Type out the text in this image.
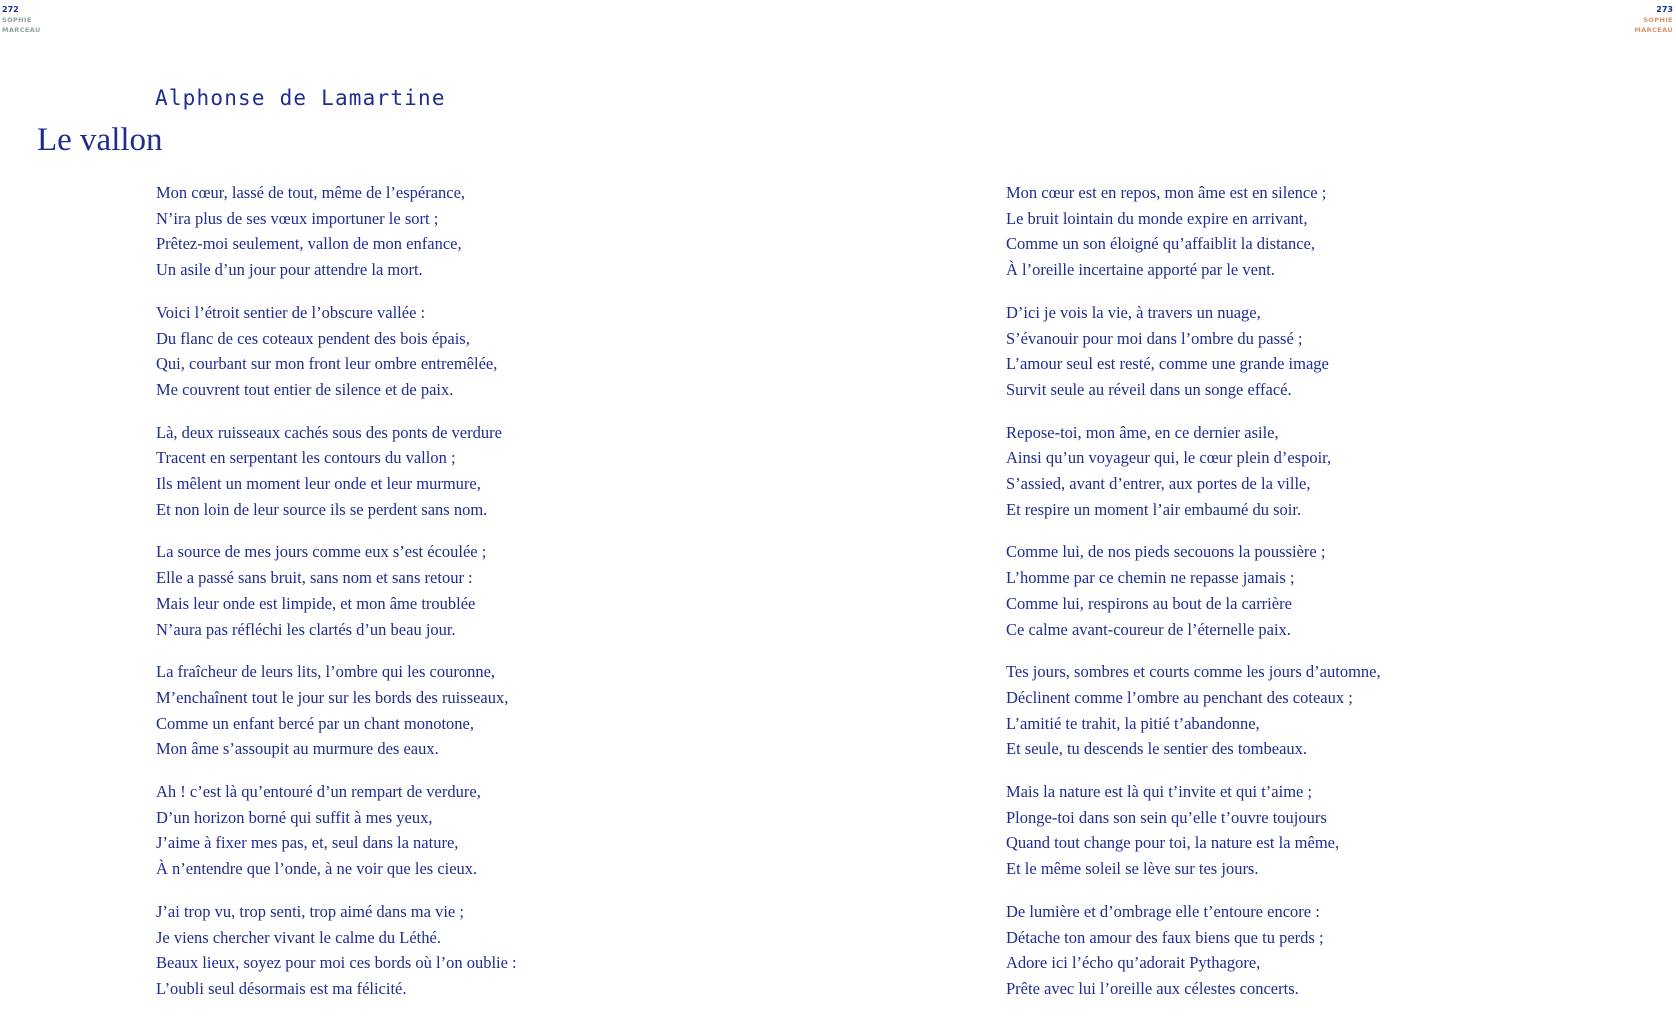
272
SOPHIE
MARCEAU
273
SOPHIE
MARCEAU
Alphonse de Lamartine
Le vallon
Mon cœur, lassé de tout, même de l’espérance,
N’ira plus de ses vœux importuner le sort ;
Prêtez-moi seulement, vallon de mon enfance,
Un asile d’un jour pour attendre la mort.
Voici l’étroit sentier de l’obscure vallée :
Du flanc de ces coteaux pendent des bois épais,
Qui, courbant sur mon front leur ombre entremêlée,
Me couvrent tout entier de silence et de paix.
Là, deux ruisseaux cachés sous des ponts de verdure
Tracent en serpentant les contours du vallon ;
Ils mêlent un moment leur onde et leur murmure,
Et non loin de leur source ils se perdent sans nom.
La source de mes jours comme eux s’est écoulée ;
Elle a passé sans bruit, sans nom et sans retour :
Mais leur onde est limpide, et mon âme troublée
N’aura pas réfléchi les clartés d’un beau jour.
La fraîcheur de leurs lits, l’ombre qui les couronne,
M’enchaînent tout le jour sur les bords des ruisseaux,
Comme un enfant bercé par un chant monotone,
Mon âme s’assoupit au murmure des eaux.
Ah ! c’est là qu’entouré d’un rempart de verdure,
D’un horizon borné qui suffit à mes yeux,
J’aime à fixer mes pas, et, seul dans la nature,
À n’entendre que l’onde, à ne voir que les cieux.
J’ai trop vu, trop senti, trop aimé dans ma vie ;
Je viens chercher vivant le calme du Léthé.
Beaux lieux, soyez pour moi ces bords où l’on oublie :
L’oubli seul désormais est ma félicité.
Mon cœur est en repos, mon âme est en silence ;
Le bruit lointain du monde expire en arrivant,
Comme un son éloigné qu’affaiblit la distance,
À l’oreille incertaine apporté par le vent.
D’ici je vois la vie, à travers un nuage,
S’évanouir pour moi dans l’ombre du passé ;
L’amour seul est resté, comme une grande image
Survit seule au réveil dans un songe effacé.
Repose-toi, mon âme, en ce dernier asile,
Ainsi qu’un voyageur qui, le cœur plein d’espoir,
S’assied, avant d’entrer, aux portes de la ville,
Et respire un moment l’air embaumé du soir.
Comme lui, de nos pieds secouons la poussière ;
L’homme par ce chemin ne repasse jamais ;
Comme lui, respirons au bout de la carrière
Ce calme avant-coureur de l’éternelle paix.
Tes jours, sombres et courts comme les jours d’automne,
Déclinent comme l’ombre au penchant des coteaux ;
L’amitié te trahit, la pitié t’abandonne,
Et seule, tu descends le sentier des tombeaux.
Mais la nature est là qui t’invite et qui t’aime ;
Plonge-toi dans son sein qu’elle t’ouvre toujours
Quand tout change pour toi, la nature est la même,
Et le même soleil se lève sur tes jours.
De lumière et d’ombrage elle t’entoure encore :
Détache ton amour des faux biens que tu perds ;
Adore ici l’écho qu’adorait Pythagore,
Prête avec lui l’oreille aux célestes concerts.
